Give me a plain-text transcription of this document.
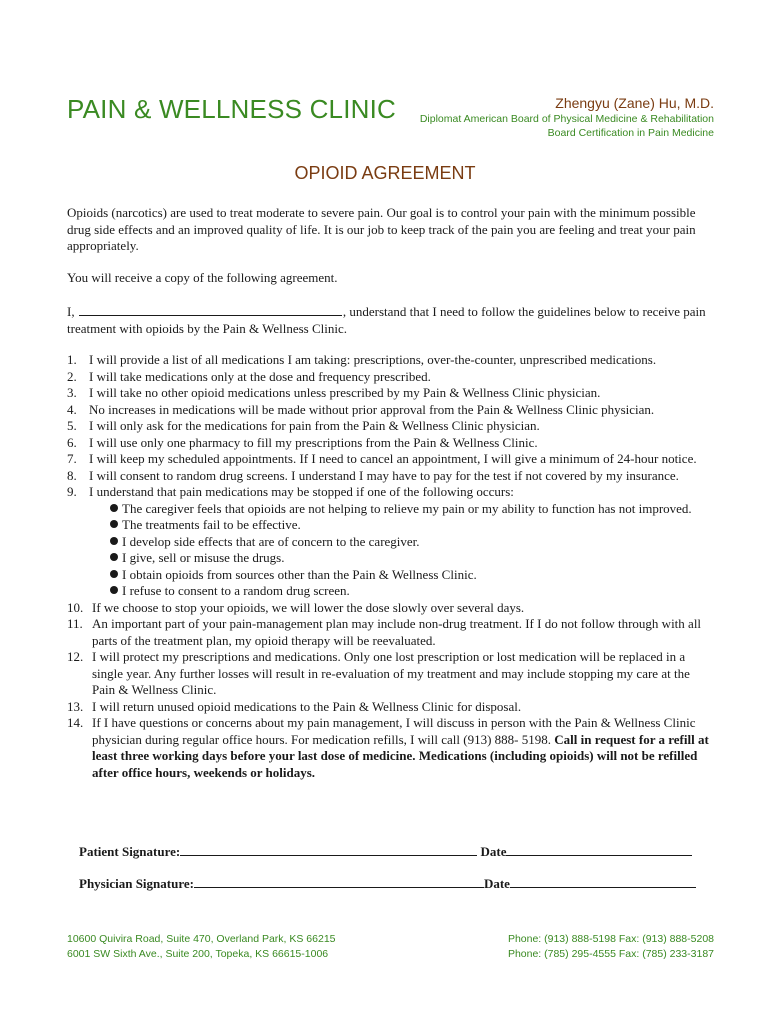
PAIN & WELLNESS CLINIC	Zhengyu (Zane) Hu, M.D.
Diplomat American Board of Physical Medicine & Rehabilitation
Board Certification in Pain Medicine
OPIOID AGREEMENT

Opioids (narcotics) are used to treat moderate to severe pain. Our goal is to control your pain with the minimum possible drug side effects and an improved quality of life. It is our job to keep track of the pain you are feeling and treat your pain appropriately.

You will receive a copy of the following agreement.

I,	, understand that I need to follow the guidelines below to receive pain treatment with opioids by the Pain & Wellness Clinic.

1. I will provide a list of all medications I am taking: prescriptions, over-the-counter, unprescribed medications.
2. I will take medications only at the dose and frequency prescribed.
3. I will take no other opioid medications unless prescribed by my Pain & Wellness Clinic physician.
4. No increases in medications will be made without prior approval from the Pain & Wellness Clinic physician.
5. I will only ask for the medications for pain from the Pain & Wellness Clinic physician.
6. I will use only one pharmacy to fill my prescriptions from the Pain & Wellness Clinic.
7. I will keep my scheduled appointments. If I need to cancel an appointment, I will give a minimum of 24-hour notice.
8. I will consent to random drug screens. I understand I may have to pay for the test if not covered by my insurance.
9. I understand that pain medications may be stopped if one of the following occurs:
The caregiver feels that opioids are not helping to relieve my pain or my ability to function has not improved.
The treatments fail to be effective.
I develop side effects that are of concern to the caregiver.
I give, sell or misuse the drugs.
I obtain opioids from sources other than the Pain & Wellness Clinic.
I refuse to consent to a random drug screen.
10. If we choose to stop your opioids, we will lower the dose slowly over several days.
11. An important part of your pain-management plan may include non-drug treatment. If I do not follow through with all parts of the treatment plan, my opioid therapy will be reevaluated.
12. I will protect my prescriptions and medications. Only one lost prescription or lost medication will be replaced in a single year. Any further losses will result in re-evaluation of my treatment and may include stopping my care at the Pain & Wellness Clinic.
13. I will return unused opioid medications to the Pain & Wellness Clinic for disposal.
14. If I have questions or concerns about my pain management, I will discuss in person with the Pain & Wellness Clinic physician during regular office hours. For medication refills, I will call (913) 888- 5198. Call in request for a refill at least three working days before your last dose of medicine. Medications (including opioids) will not be refilled after office hours, weekends or holidays.
Patient Signature:	Date
Physician Signature:	Date
10600 Quivira Road, Suite 470, Overland Park, KS 66215
6001 SW Sixth Ave., Suite 200, Topeka, KS 66615-1006
Phone: (913) 888-5198 Fax: (913) 888-5208
Phone: (785) 295-4555 Fax: (785) 233-3187
